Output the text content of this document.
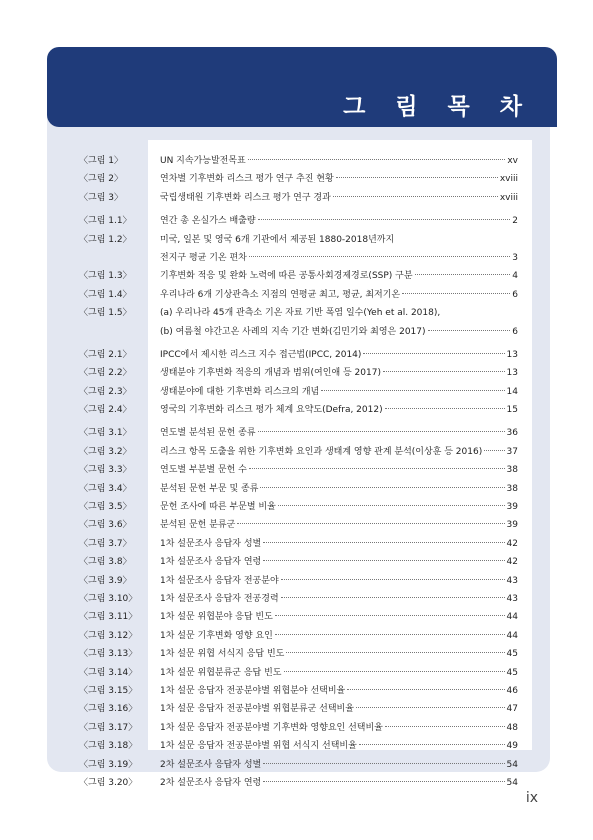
그 림 목 차
〈그림 1〉	UN 지속가능발전목표	xv
〈그림 2〉	연차별 기후변화 리스크 평가 연구 추진 현황	xviii
〈그림 3〉	국립생태원 기후변화 리스크 평가 연구 경과	xviii
〈그림 1.1〉	연간 총 온실가스 배출량	2
〈그림 1.2〉	미국, 일본 및 영국 6개 기관에서 제공된 1880-2018년까지
전지구 평균 기온 편차	3
〈그림 1.3〉	기후변화 적응 및 완화 노력에 따른 공통사회경제경로(SSP) 구분	4
〈그림 1.4〉	우리나라 6개 기상관측소 지점의 연평균 최고, 평균, 최저기온	6
〈그림 1.5〉	(a) 우리나라 45개 관측소 기온 자료 기반 폭염 일수(Yeh et al. 2018),
(b) 여름철 야간고온 사례의 지속 기간 변화(김민기와 최영은 2017)	6
〈그림 2.1〉	IPCC에서 제시한 리스크 지수 접근법(IPCC, 2014)	13
〈그림 2.2〉	생태분야 기후변화 적응의 개념과 범위(여인애 등 2017)	13
〈그림 2.3〉	생태분야에 대한 기후변화 리스크의 개념	14
〈그림 2.4〉	영국의 기후변화 리스크 평가 체계 요약도(Defra, 2012)	15
〈그림 3.1〉	연도별 분석된 문헌 종류	36
〈그림 3.2〉	리스크 항목 도출을 위한 기후변화 요인과 생태계 영향 관계 분석(이상훈 등 2016)	37
〈그림 3.3〉	연도별 부분별 문헌 수	38
〈그림 3.4〉	분석된 문헌 부문 및 종류	38
〈그림 3.5〉	문헌 조사에 따른 부문별 비율	39
〈그림 3.6〉	분석된 문헌 분류군	39
〈그림 3.7〉	1차 설문조사 응답자 성별	42
〈그림 3.8〉	1차 설문조사 응답자 연령	42
〈그림 3.9〉	1차 설문조사 응답자 전공분야	43
〈그림 3.10〉	1차 설문조사 응답자 전공경력	43
〈그림 3.11〉	1차 설문 위협분야 응답 빈도	44
〈그림 3.12〉	1차 설문 기후변화 영향 요인	44
〈그림 3.13〉	1차 설문 위협 서식지 응답 빈도	45
〈그림 3.14〉	1차 설문 위협분류군 응답 빈도	45
〈그림 3.15〉	1차 설문 응답자 전공분야별 위협분야 선택비율	46
〈그림 3.16〉	1차 설문 응답자 전공분야별 위협분류군 선택비율	47
〈그림 3.17〉	1차 설문 응답자 전공분야별 기후변화 영향요인 선택비율	48
〈그림 3.18〉	1차 설문 응답자 전공분야별 위협 서식지 선택비율	49
〈그림 3.19〉	2차 설문조사 응답자 성별	54
〈그림 3.20〉	2차 설문조사 응답자 연령	54
ix
